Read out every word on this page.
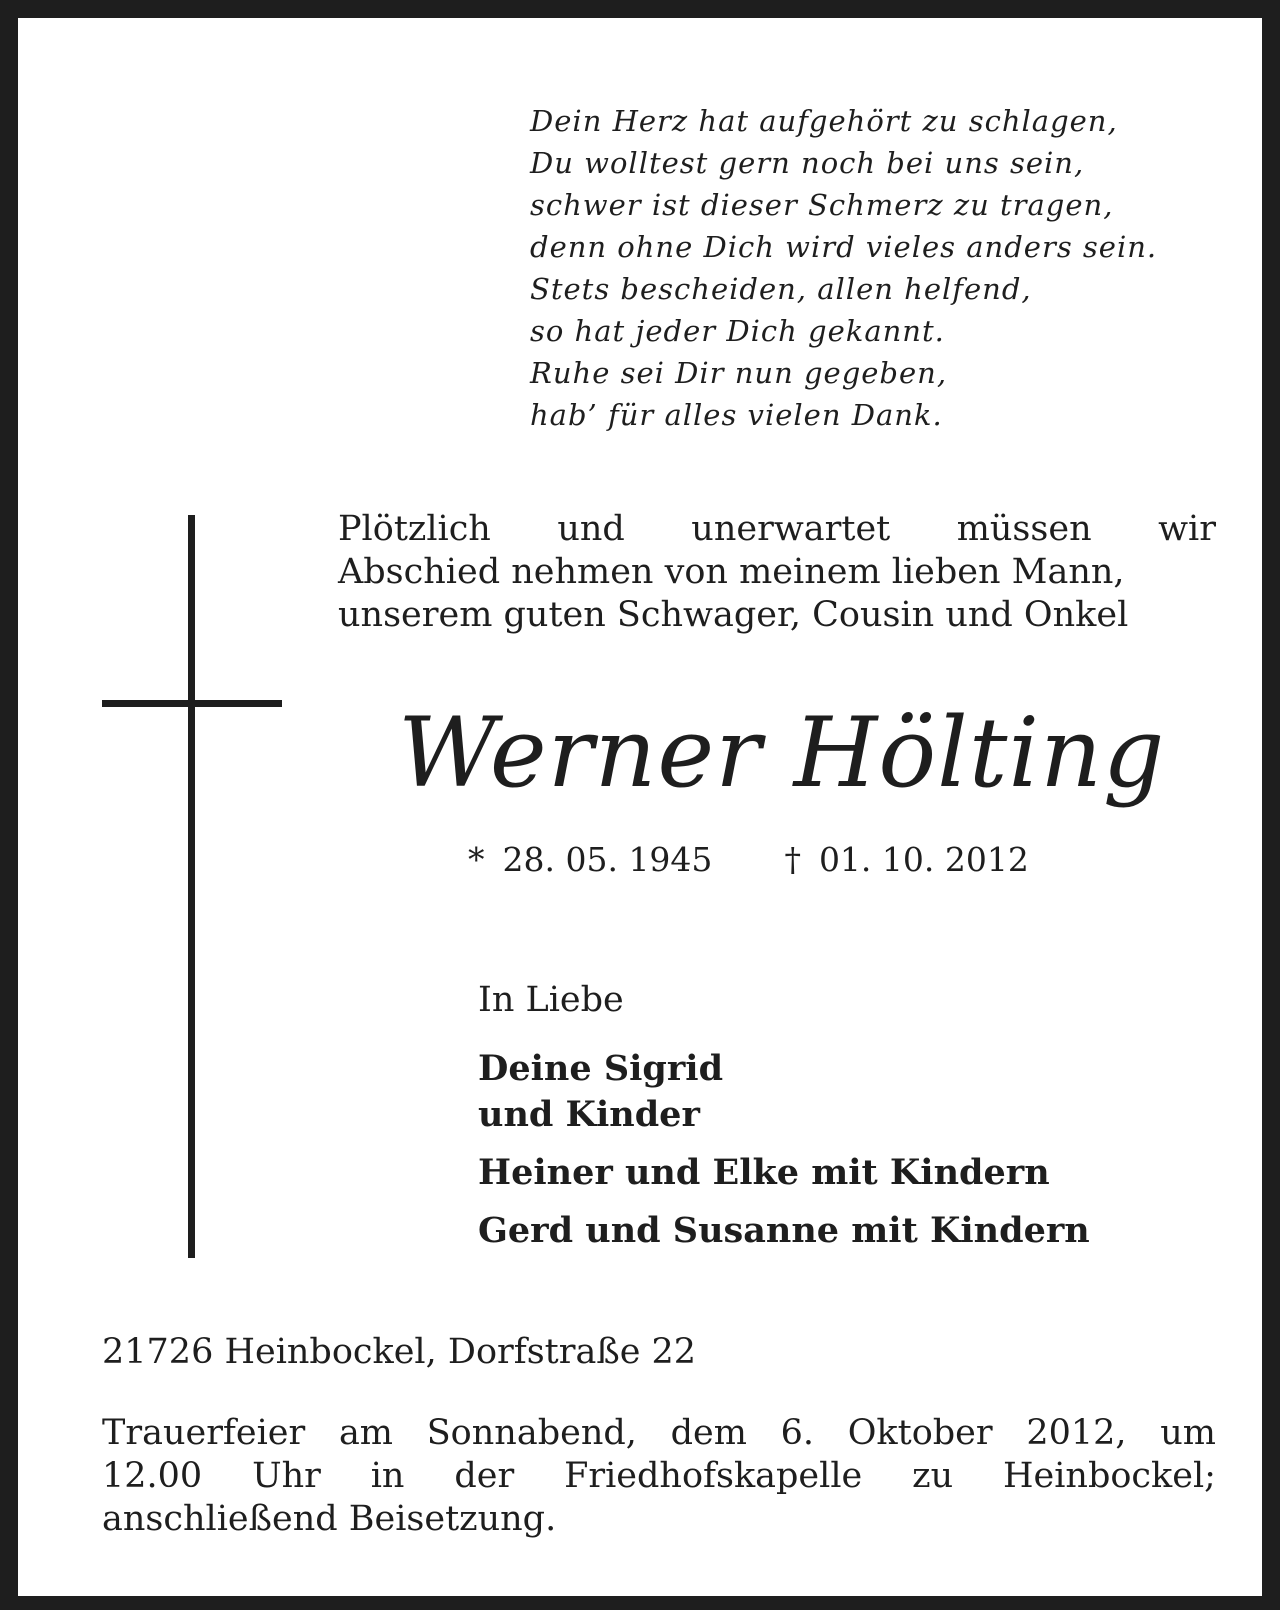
Dein Herz hat aufgehört zu schlagen,
Du wolltest gern noch bei uns sein,
schwer ist dieser Schmerz zu tragen,
denn ohne Dich wird vieles anders sein.
Stets bescheiden, allen helfend,
so hat jeder Dich gekannt.
Ruhe sei Dir nun gegeben,
hab’ für alles vielen Dank.
Plötzlich und unerwartet müssen wir
Abschied nehmen von meinem lieben Mann,
unserem guten Schwager, Cousin und Onkel
Werner Hölting
* 28. 05. 1945 † 01. 10. 2012
In Liebe
Deine Sigrid
und Kinder
Heiner und Elke mit Kindern
Gerd und Susanne mit Kindern
21726 Heinbockel, Dorfstraße 22
Trauerfeier am Sonnabend, dem 6. Oktober 2012, um
12.00 Uhr in der Friedhofskapelle zu Heinbockel;
anschließend Beisetzung.
